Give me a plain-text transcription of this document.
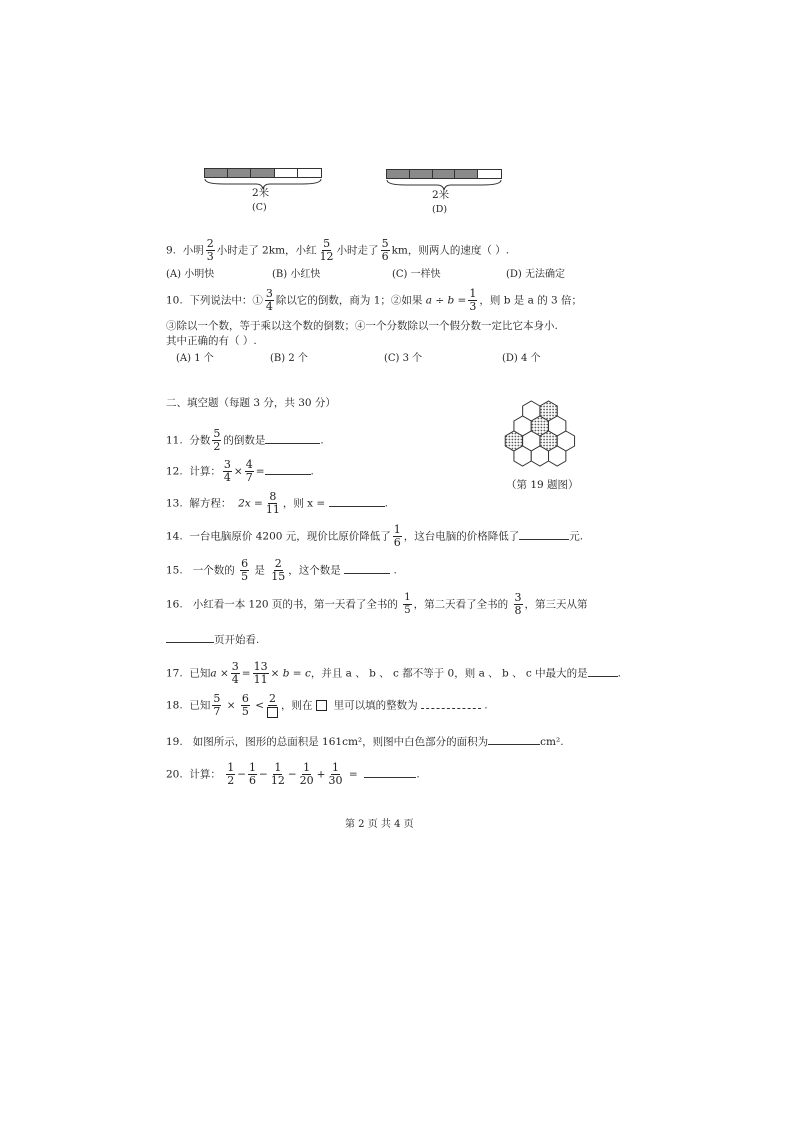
2米
(C)
2米
(D)
9. 小明 $\frac{2}{3}$ 小时走了 2km，小红 $\frac{5}{12}$ 小时走了 $\frac{5}{6}$ km，则两人的速度（ ）.
(A) 小明快	(B) 小红快	(C) 一样快	(D) 无法确定
10. 下列说法中：① $\frac{3}{4}$ 除以它的倒数，商为 1；②如果 $a \div b = \frac{1}{3}$ ，则 b 是 a 的 3 倍；
③除以一个数，等于乘以这个数的倒数；④一个分数除以一个假分数一定比它本身小.
其中正确的有（ ）.
(A) 1 个	(B) 2 个	(C) 3 个	(D) 4 个
二、填空题（每题 3 分，共 30 分）
（第 19 题图）
11. 分数 $\frac{5}{2}$ 的倒数是	.
12. 计算： $\frac{3}{4} \times \frac{4}{7}$ =	.
13. 解方程： $2x = \frac{8}{11}$ ，则 x =	.
14. 一台电脑原价 4200 元，现价比原价降低了 $\frac{1}{6}$ ，这台电脑的价格降低了	元.
15. 一个数的 $\frac{6}{5}$ 是 $\frac{2}{15}$ ，这个数是	.
16. 小红看一本 120 页的书，第一天看了全书的 $\frac{1}{5}$ ，第二天看了全书的 $\frac{3}{8}$ ，第三天从第
页开始看.
17. 已知$a \times \frac{3}{4} = \frac{13}{11} \times b = c$，并且 a 、 b 、 c 都不等于 0，则 a 、 b 、 c 中最大的是	.
18. 已知 $\frac{5}{7} \times \frac{6}{5}$ <
2
，则在 里可以填的整数为	.
19. 如图所示，图形的总面积是 161cm²，则图中白色部分的面积为	cm².
20. 计算： $\frac{1}{2} - \frac{1}{6} - \frac{1}{12} - \frac{1}{20} + \frac{1}{30}$ =	.
第 2 页 共 4 页
